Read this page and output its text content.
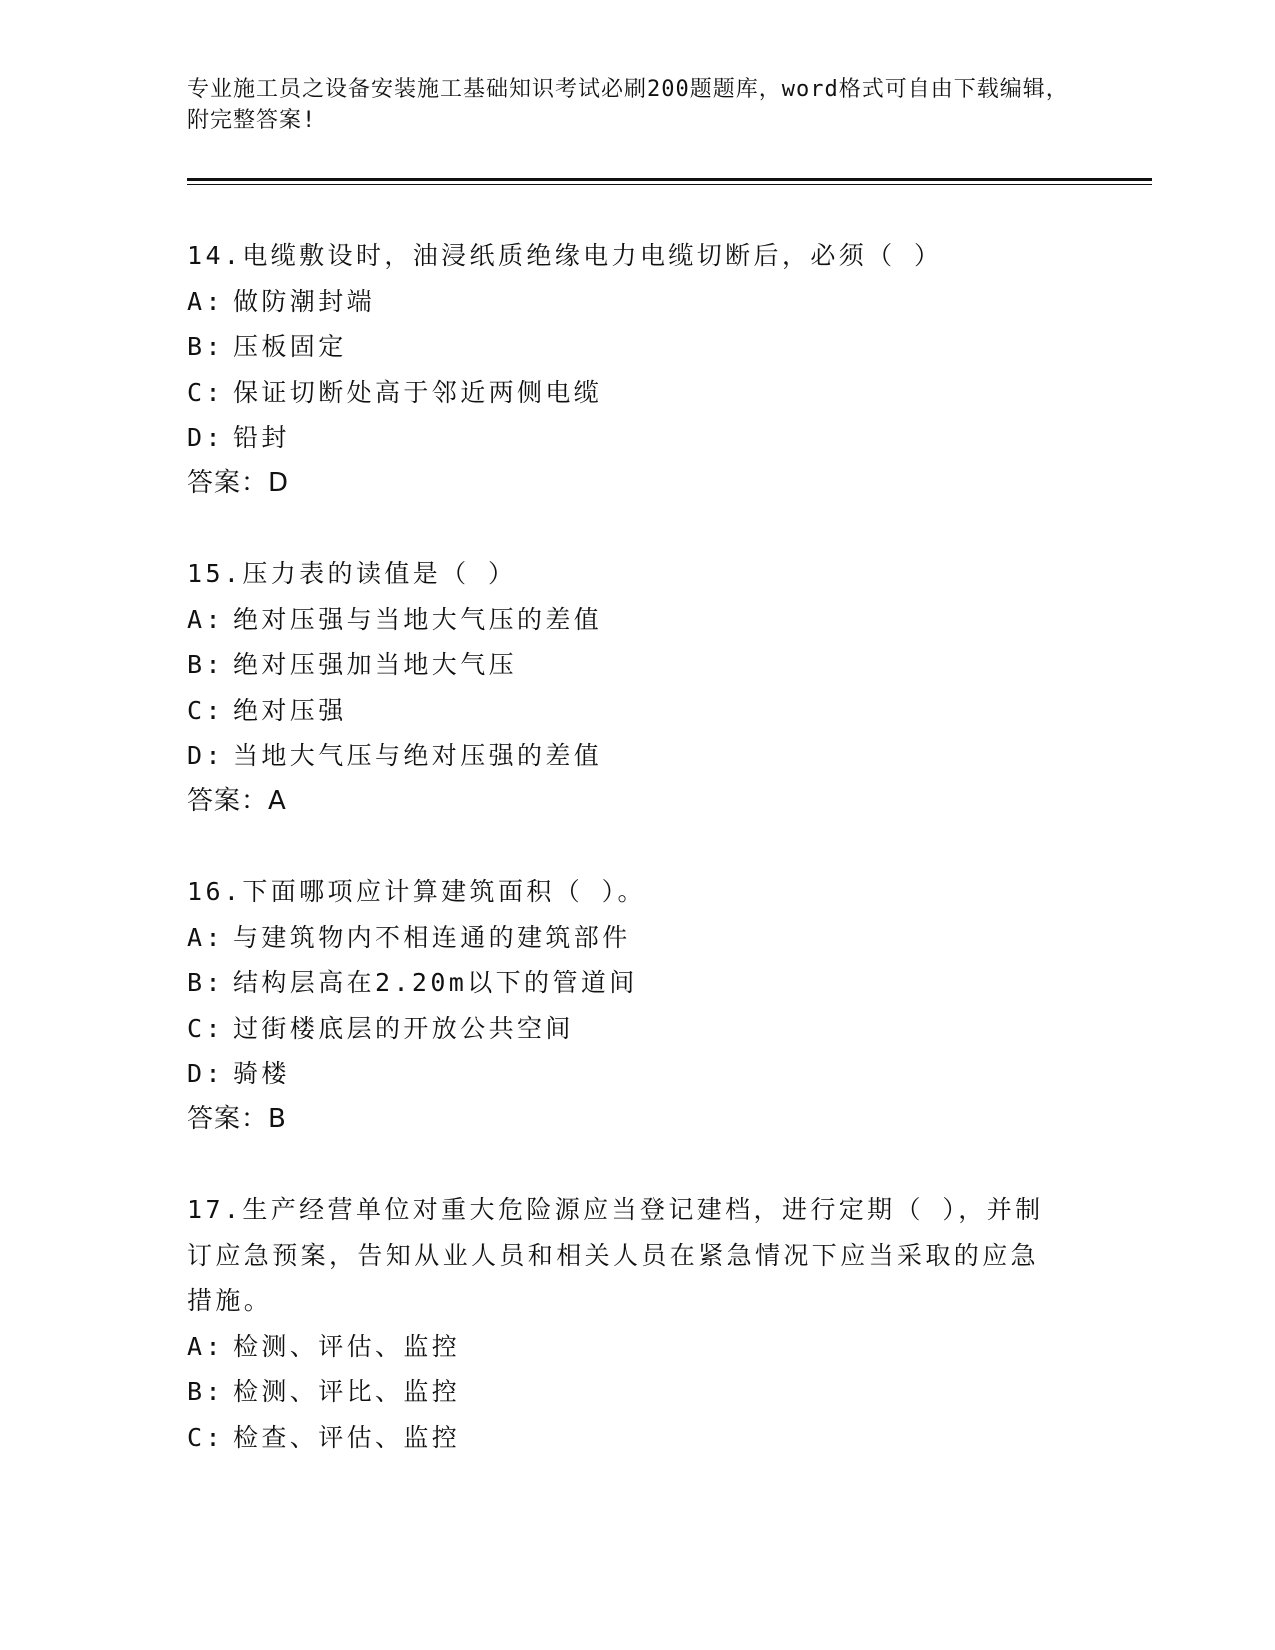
专业施工员之设备安装施工基础知识考试必刷200题题库，word格式可自由下载编辑，附完整答案!
14.电缆敷设时，油浸纸质绝缘电力电缆切断后，必须（ ）
A: 做防潮封端
B: 压板固定
C: 保证切断处高于邻近两侧电缆
D: 铅封
答案：D
15.压力表的读值是（ ）
A: 绝对压强与当地大气压的差值
B: 绝对压强加当地大气压
C: 绝对压强
D: 当地大气压与绝对压强的差值
答案：A
16.下面哪项应计算建筑面积（ ）。
A: 与建筑物内不相连通的建筑部件
B: 结构层高在2.20m以下的管道间
C: 过街楼底层的开放公共空间
D: 骑楼
答案：B
17.生产经营单位对重大危险源应当登记建档，进行定期（ ），并制订应急预案，告知从业人员和相关人员在紧急情况下应当采取的应急措施。
A: 检测、评估、监控
B: 检测、评比、监控
C: 检查、评估、监控
